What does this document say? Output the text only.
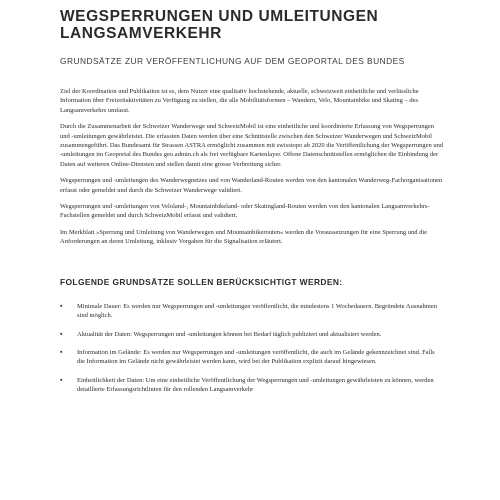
WEGSPERRUNGEN UND UMLEITUNGEN
LANGSAMVERKEHR
GRUNDSÄTZE ZUR VERÖFFENTLICHUNG AUF DEM GEOPORTAL DES BUNDES

Ziel der Koordination und Publikation ist es, dem Nutzer eine qualitativ hochstehende, aktuelle, schweizweit einheitliche und verlässliche Information über Freizeitaktivitäten zu Verfügung zu stellen, die alle Mobilitätsformen – Wandern, Velo, Mountainbike und Skating – des Langsamverkehrs umfasst.

Durch die Zusammenarbeit der Schweizer Wanderwege und SchweizMobil ist eine einheitliche und koordinierte Erfassung von Wegsperrungen und -umleitungen gewährleistet. Die erfassten Daten werden über eine Schnittstelle zwischen den Schweizer Wanderwegen und SchweizMobil zusammengeführt. Das Bundesamt für Strassen ASTRA ermöglicht zusammen mit swisstopo ab 2020 die Veröffentlichung der Wegsperrungen und -umleitungen im Geoportal des Bundes geo.admin.ch als frei verfügbare Kartenlayer. Offene Datenschnittstellen ermöglichen die Einbindung der Daten auf weiteren Online-Diensten und stellen damit eine grosse Verbreitung sicher.

Wegsperrungen und -umleitungen des Wanderwegnetzes und von Wanderland-Routen werden von den kantonalen Wanderweg-Fachorganisationen erfasst oder gemeldet und durch die Schweizer Wanderwege validiert.

Wegsperrungen und -umleitungen von Veloland-, Mountainbikeland- oder Skatingland-Routen werden von den kantonalen Langsamverkehrs-Fachstellen gemeldet und durch SchweizMobil erfasst und validiert.

Im Merkblatt »Sperrung und Umleitung von Wanderwegen und Mountainbikerouten« werden die Voraussetzungen für eine Sperrung und die Anforderungen an deren Umleitung, inklusiv Vorgaben für die Signalisation erläutert.

FOLGENDE GRUNDSÄTZE SOLLEN BERÜCKSICHTIGT WERDEN:
▪ Minimale Dauer: Es werden nur Wegsperrungen und -umleitungen veröffentlicht, die mindestens 1 Wochedauern. Begründete Ausnahmen sind möglich.
▪ Aktualität der Daten: Wegsperrungen und -umleitungen können bei Bedarf täglich publiziert und aktualisiert werden.
▪ Information im Gelände: Es werden nur Wegsperrungen und -umleitungen veröffentlicht, die auch im Gelände gekennzeichnet sind. Falls die Information im Gelände nicht gewährleistet werden kann, wird bei der Publikation explizit darauf hingewiesen.
▪ Einheitlichkeit der Daten: Um eine einheitliche Veröffentlichung der Wegsperrungen und -umleitungen gewährleisten zu können, werden detaillierte Erfassungsrichtlinien für den rollenden Langsamverkehr
